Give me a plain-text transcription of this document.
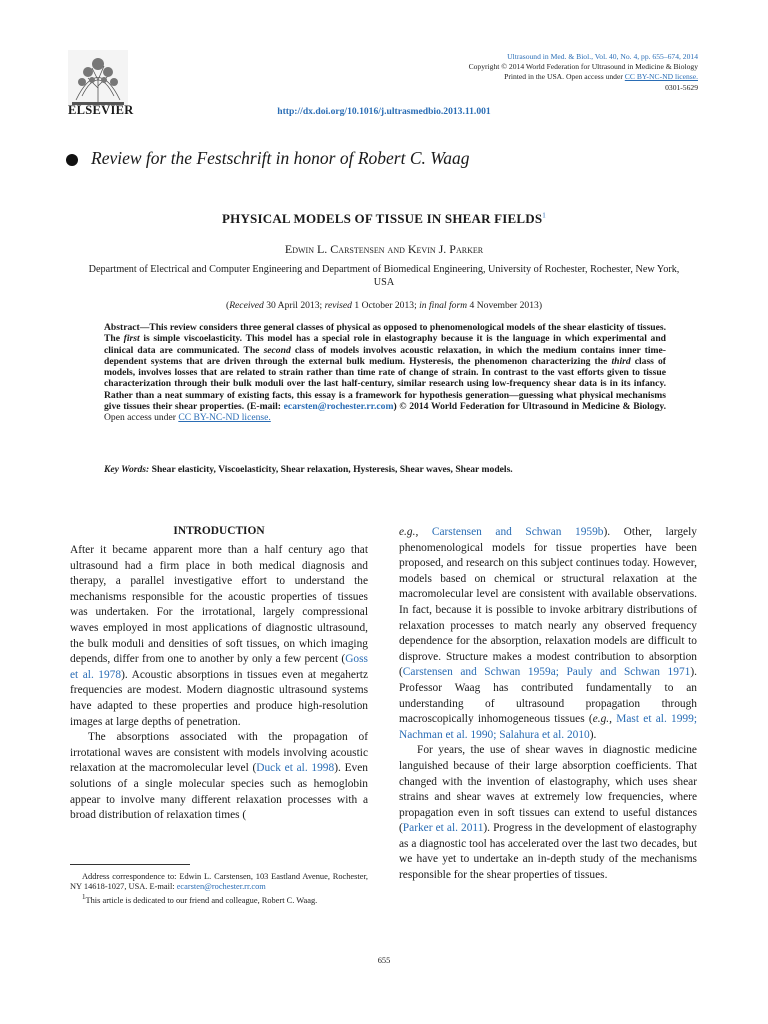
ELSEVIER
Ultrasound in Med. & Biol., Vol. 40, No. 4, pp. 655–674, 2014
Copyright © 2014 World Federation for Ultrasound in Medicine & Biology
Printed in the USA. Open access under CC BY-NC-ND license.
0301-5629
http://dx.doi.org/10.1016/j.ultrasmedbio.2013.11.001
Review for the Festschrift in honor of Robert C. Waag
PHYSICAL MODELS OF TISSUE IN SHEAR FIELDS$^1$
Edwin L. Carstensen and Kevin J. Parker
Department of Electrical and Computer Engineering and Department of Biomedical Engineering, University of Rochester, Rochester, New York, USA
(Received 30 April 2013; revised 1 October 2013; in final form 4 November 2013)
Abstract—This review considers three general classes of physical as opposed to phenomenological models of the shear elasticity of tissues. The first is simple viscoelasticity. This model has a special role in elastography because it is the language in which experimental and clinical data are communicated. The second class of models involves acoustic relaxation, in which the medium contains inner time-dependent systems that are driven through the external bulk medium. Hysteresis, the phenomenon characterizing the third class of models, involves losses that are related to strain rather than time rate of change of strain. In contrast to the vast efforts given to tissue characterization through their bulk moduli over the last half-century, similar research using low-frequency shear data is in its infancy. Rather than a neat summary of existing facts, this essay is a framework for hypothesis generation—guessing what physical mechanisms give tissues their shear properties. (E-mail: ecarsten@rochester.rr.com) © 2014 World Federation for Ultrasound in Medicine & Biology. Open access under CC BY-NC-ND license.
Key Words: Shear elasticity, Viscoelasticity, Shear relaxation, Hysteresis, Shear waves, Shear models.
INTRODUCTION

After it became apparent more than a half century ago that ultrasound had a firm place in both medical diagnosis and therapy, a parallel investigative effort to understand the mechanisms responsible for the acoustic properties of tissues was undertaken. For the irrotational, largely compressional waves employed in most applications of diagnostic ultrasound, the bulk moduli and densities of soft tissues, on which imaging depends, differ from one to another by only a few percent (Goss et al. 1978). Acoustic absorptions in tissues even at megahertz frequencies are modest. Modern diagnostic ultrasound systems have adapted to these properties and produce high-resolution images at large depths of penetration.

The absorptions associated with the propagation of irrotational waves are consistent with models involving acoustic relaxation at the macromolecular level (Duck et al. 1998). Even solutions of a single molecular species such as hemoglobin appear to involve many different relaxation processes with a broad distribution of relaxation times (

e.g., Carstensen and Schwan 1959b). Other, largely phenomenological models for tissue properties have been proposed, and research on this subject continues today. However, models based on chemical or structural relaxation at the macromolecular level are consistent with available observations. In fact, because it is possible to invoke arbitrary distributions of relaxation processes to match nearly any observed frequency dependence for the absorption, relaxation models are difficult to disprove. Structure makes a modest contribution to absorption (Carstensen and Schwan 1959a; Pauly and Schwan 1971). Professor Waag has contributed fundamentally to an understanding of ultrasound propagation through macroscopically inhomogeneous tissues (e.g., Mast et al. 1999; Nachman et al. 1990; Salahura et al. 2010).

For years, the use of shear waves in diagnostic medicine languished because of their large absorption coefficients. That changed with the invention of elastography, which uses shear strains and shear waves at extremely low frequencies, where propagation even in soft tissues can extend to useful distances (Parker et al. 2011). Progress in the development of elastography as a diagnostic tool has accelerated over the last two decades, but we have yet to undertake an in-depth study of the mechanisms responsible for the shear properties of tissues.

Address correspondence to: Edwin L. Carstensen, 103 Eastland Avenue, Rochester, NY 14618-1027, USA. E-mail: ecarsten@rochester.rr.com

$^1$This article is dedicated to our friend and colleague, Robert C. Waag.

655
